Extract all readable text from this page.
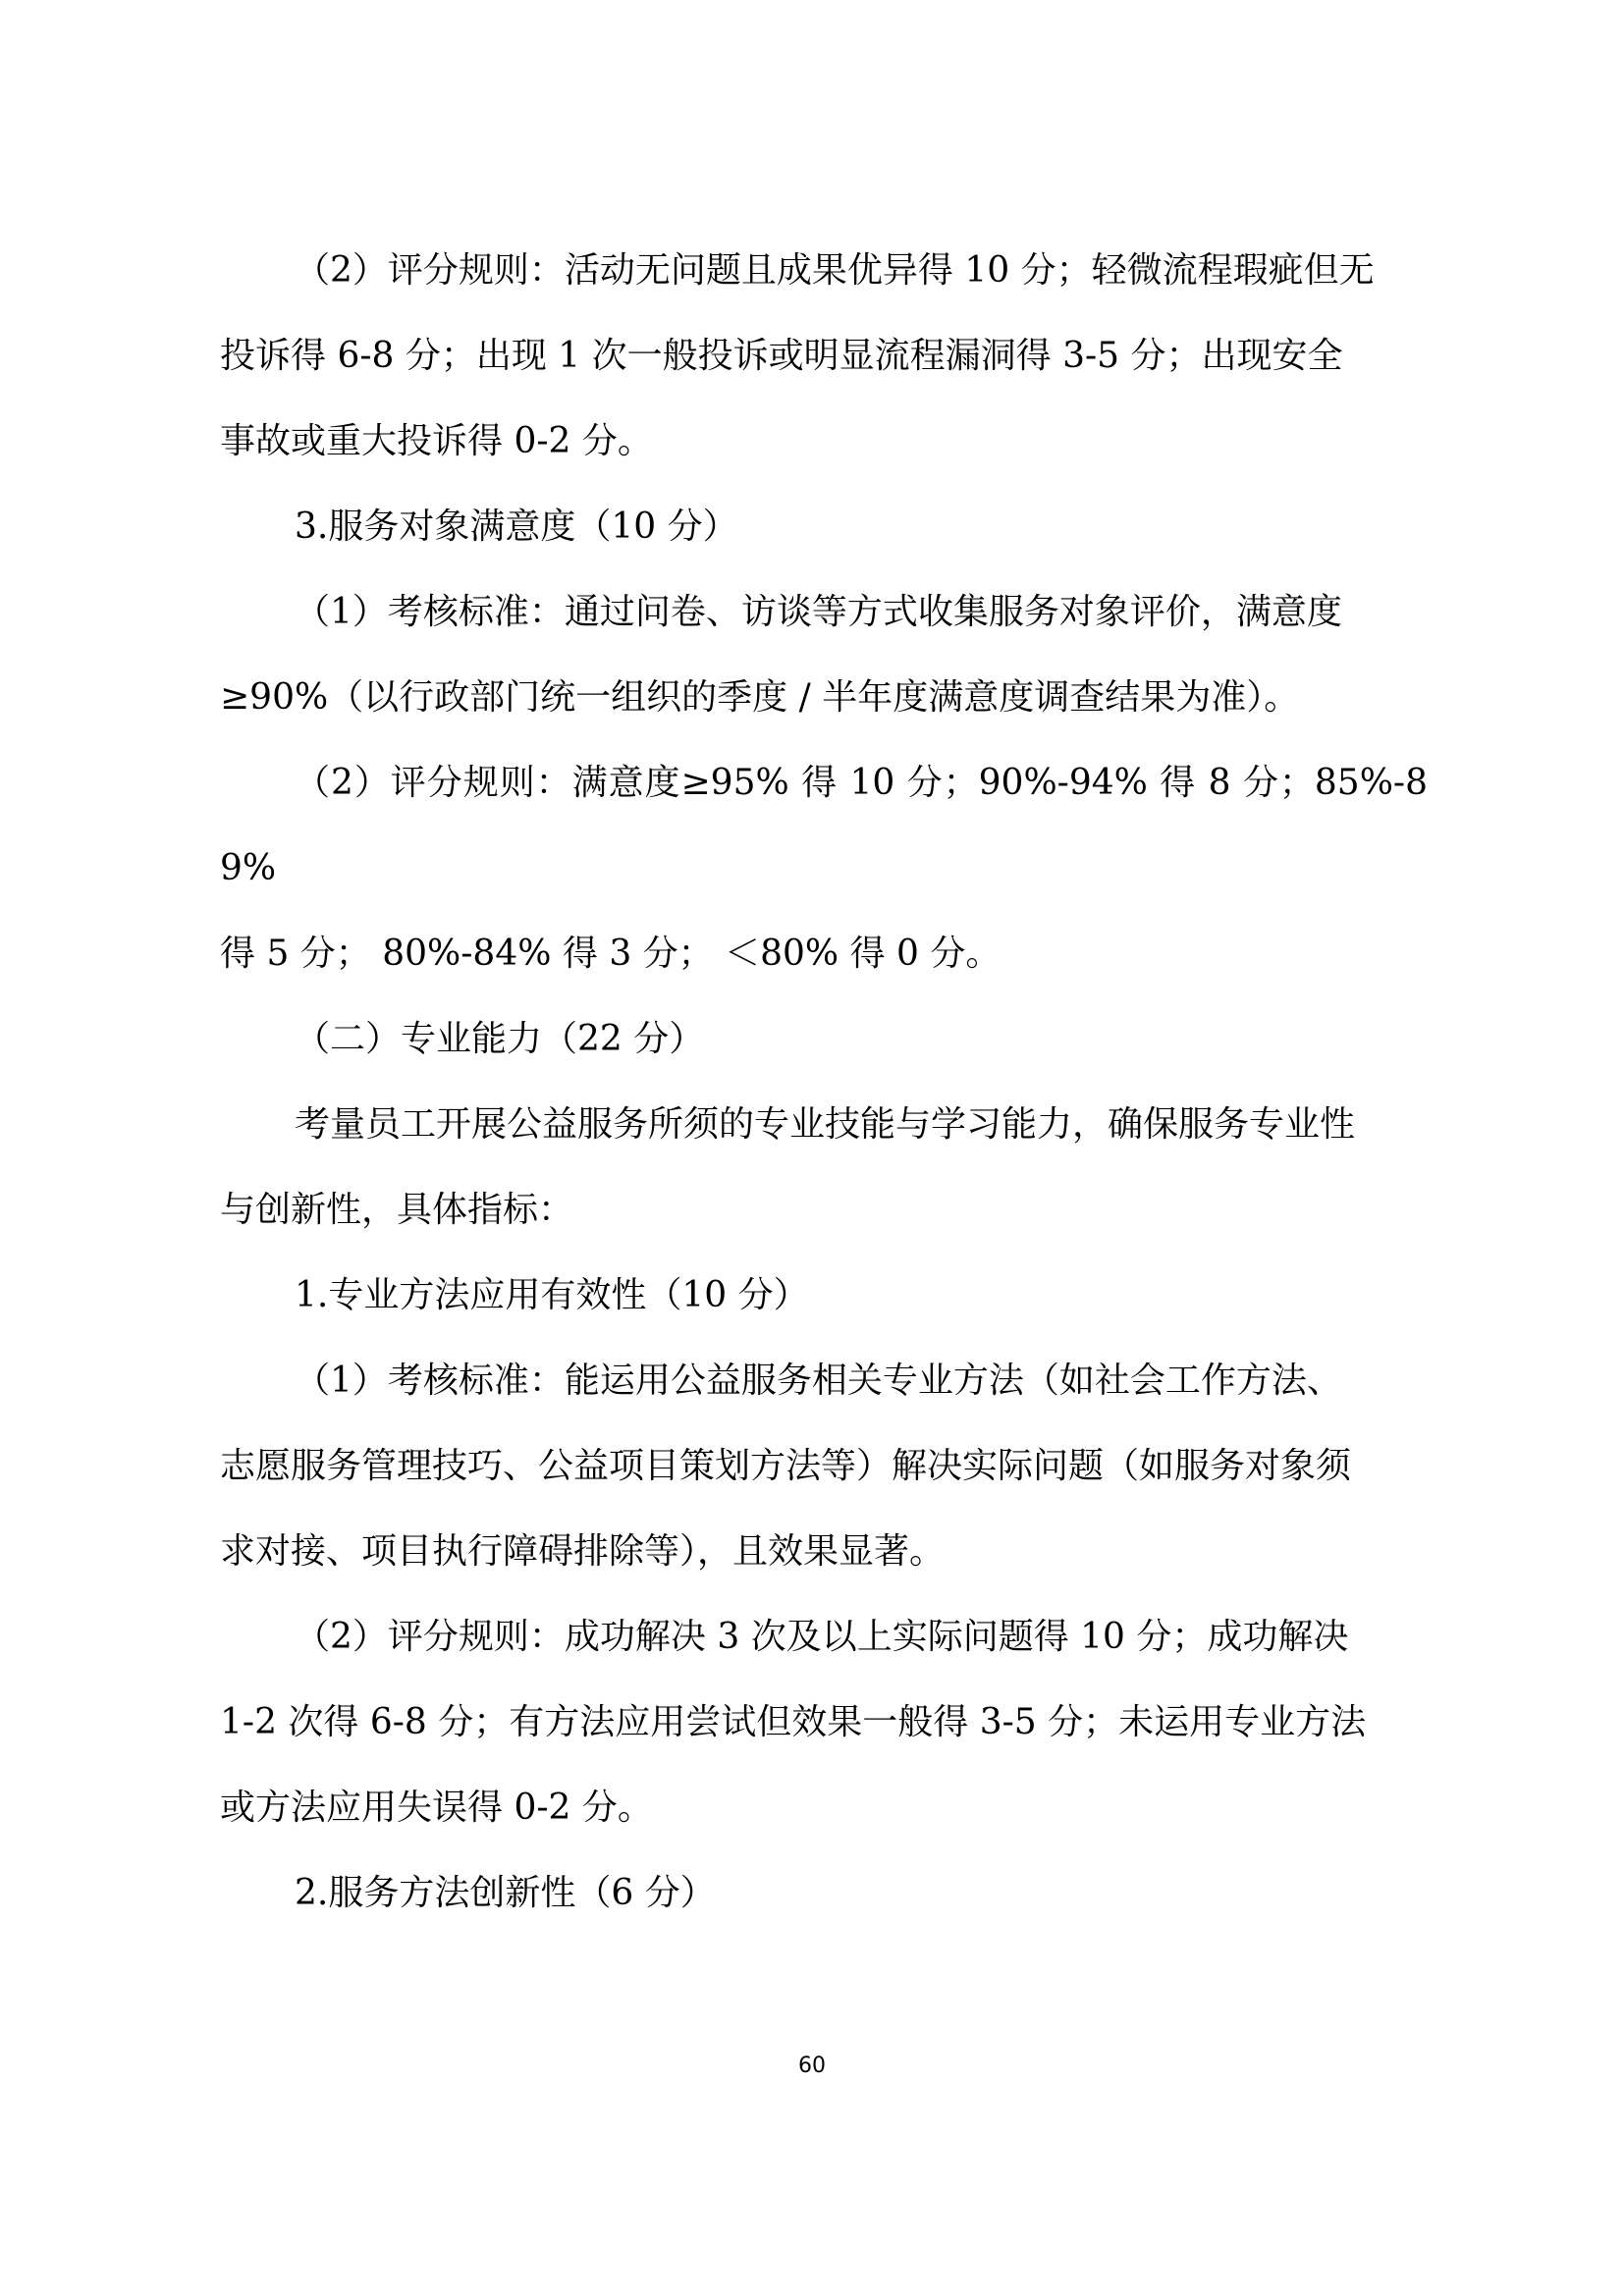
（2）评分规则：活动无问题且成果优异得 10 分；轻微流程瑕疵但无
投诉得 6-8 分；出现 1 次一般投诉或明显流程漏洞得 3-5 分；出现安全
事故或重大投诉得 0-2 分。
3.服务对象满意度（10 分）
（1）考核标准：通过问卷、访谈等方式收集服务对象评价，满意度
≥90%（以行政部门统一组织的季度 / 半年度满意度调查结果为准）。
（2）评分规则：满意度≥95% 得 10 分；90%-94% 得 8 分；85%-89%
得 5 分； 80%-84% 得 3 分； ＜80% 得 0 分。
（二）专业能力（22 分）
考量员工开展公益服务所须的专业技能与学习能力，确保服务专业性
与创新性，具体指标：
1.专业方法应用有效性（10 分）
（1）考核标准：能运用公益服务相关专业方法（如社会工作方法、
志愿服务管理技巧、公益项目策划方法等）解决实际问题（如服务对象须
求对接、项目执行障碍排除等），且效果显著。
（2）评分规则：成功解决 3 次及以上实际问题得 10 分；成功解决
1-2 次得 6-8 分；有方法应用尝试但效果一般得 3-5 分；未运用专业方法
或方法应用失误得 0-2 分。
2.服务方法创新性（6 分）
60
